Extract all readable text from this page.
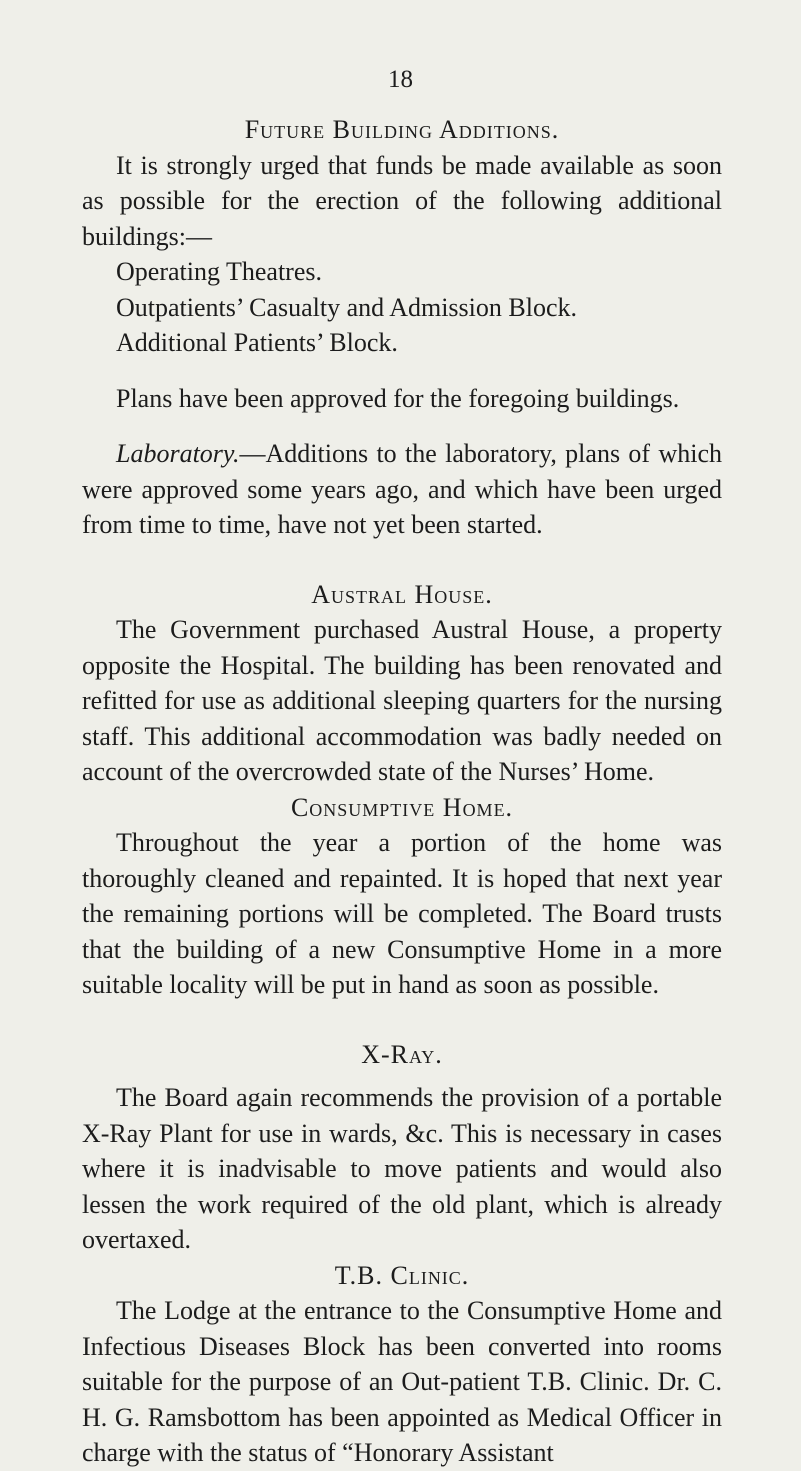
18

Future Building Additions.

It is strongly urged that funds be made available as soon as possible for the erection of the following additional buildings:—

Operating Theatres.

Outpatients’ Casualty and Admission Block.

Additional Patients’ Block.

Plans have been approved for the foregoing buildings.

Laboratory.—Additions to the laboratory, plans of which were approved some years ago, and which have been urged from time to time, have not yet been started.

Austral House.

The Government purchased Austral House, a property opposite the Hospital. The building has been renovated and refitted for use as additional sleeping quarters for the nursing staff. This additional accommodation was badly needed on account of the overcrowded state of the Nurses’ Home.

Consumptive Home.

Throughout the year a portion of the home was thoroughly cleaned and repainted. It is hoped that next year the remaining portions will be completed. The Board trusts that the building of a new Consumptive Home in a more suitable locality will be put in hand as soon as possible.

X-Ray.

The Board again recommends the provision of a portable X-Ray Plant for use in wards, &c. This is necessary in cases where it is inadvisable to move patients and would also lessen the work required of the old plant, which is already overtaxed.

T.B. Clinic.

The Lodge at the entrance to the Consumptive Home and Infectious Diseases Block has been converted into rooms suitable for the purpose of an Out-patient T.B. Clinic. Dr. C. H. G. Ramsbottom has been appointed as Medical Officer in charge with the status of “Honorary Assistant
